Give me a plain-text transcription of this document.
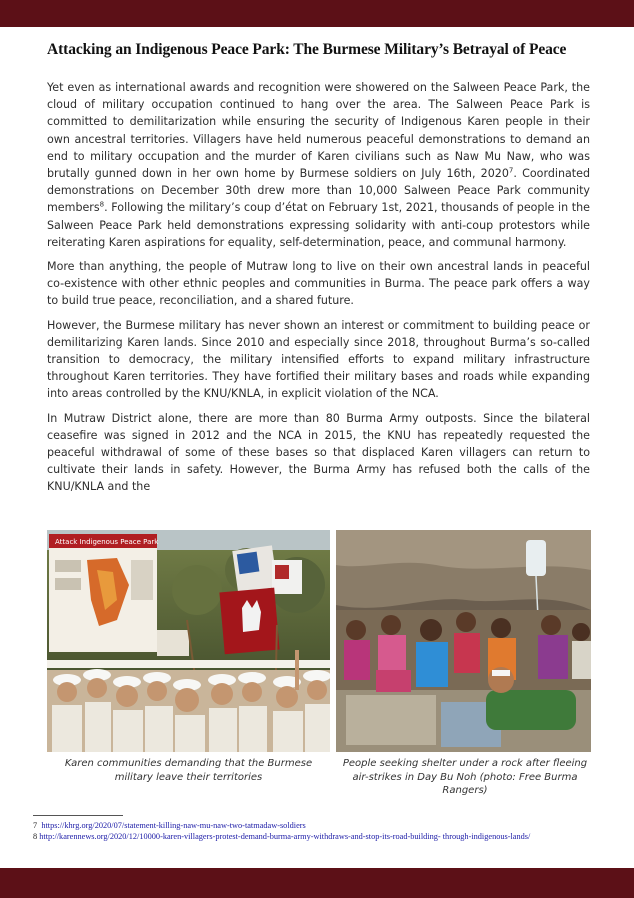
Attacking an Indigenous Peace Park: The Burmese Military’s Betrayal of Peace

Yet even as international awards and recognition were showered on the Salween Peace Park, the cloud of military occupation continued to hang over the area. The Salween Peace Park is committed to demilitarization while ensuring the security of Indigenous Karen people in their own ancestral territories. Villagers have held numerous peaceful demonstrations to demand an end to military occupation and the murder of Karen civilians such as Naw Mu Naw, who was brutally gunned down in her own home by Burmese soldiers on July 16th, 2020$^7$. Coordinated demonstrations on December 30th drew more than 10,000 Salween Peace Park community members$^8$. Following the military’s coup d’état on February 1st, 2021, thousands of people in the Salween Peace Park held demonstrations expressing solidarity with anti-coup protestors while reiterating Karen aspirations for equality, self-determination, peace, and communal harmony.

More than anything, the people of Mutraw long to live on their own ancestral lands in peaceful co-existence with other ethnic peoples and communities in Burma. The peace park offers a way to build true peace, reconciliation, and a shared future.

However, the Burmese military has never shown an interest or commitment to building peace or demilitarizing Karen lands. Since 2010 and especially since 2018, throughout Burma’s so-called transition to democracy, the military intensified efforts to expand military infrastructure throughout Karen territories. They have fortified their military bases and roads while expanding into areas controlled by the KNU/KNLA, in explicit violation of the NCA.

In Mutraw District alone, there are more than 80 Burma Army outposts. Since the bilateral ceasefire was signed in 2012 and the NCA in 2015, the KNU has repeatedly requested the peaceful withdrawal of some of these bases so that displaced Karen villagers can return to cultivate their lands in safety. However, the Burma Army has refused both the calls of the KNU/KNLA and the

Attack Indigenous Peace Park
Karen communities demanding that the Burmese military leave their territories
People seeking shelter under a rock after fleeing air-strikes in Day Bu Noh (photo: Free Burma Rangers)
7 https://khrg.org/2020/07/statement-killing-naw-mu-naw-two-tatmadaw-soldiers
8 http://karennews.org/2020/12/10000-karen-villagers-protest-demand-burma-army-withdraws-and-stop-its-road-building- through-indigenous-lands/
